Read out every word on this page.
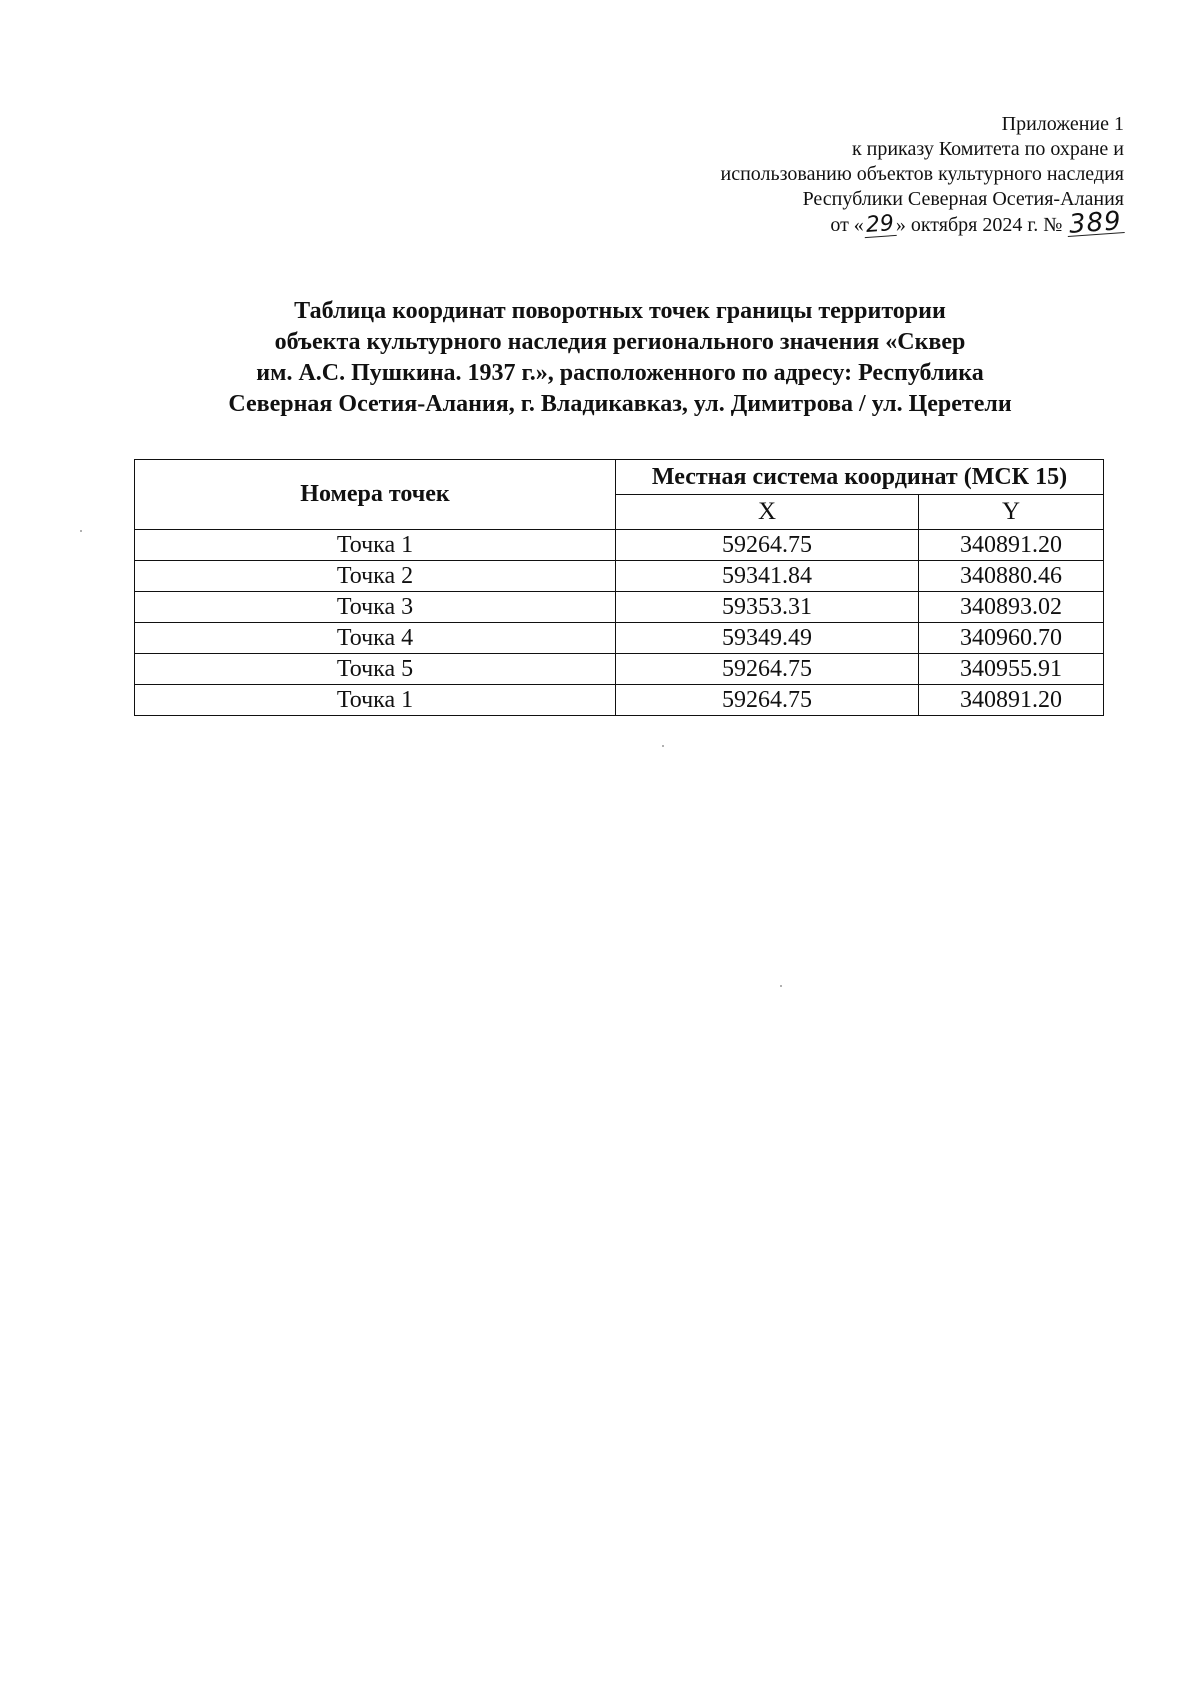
Приложение 1
к приказу Комитета по охране и
использованию объектов культурного наследия
Республики Северная Осетия-Алания
от «29» октября 2024 г. № 389
Таблица координат поворотных точек границы территории
объекта культурного наследия регионального значения «Сквер
им. А.С. Пушкина. 1937 г.», расположенного по адресу: Республика
Северная Осетия-Алания, г. Владикавказ, ул. Димитрова / ул. Церетели
Номера точек	Местная система координат (МСК 15)	
	X	Y
Точка 1	59264.75	340891.20
Точка 2	59341.84	340880.46
Точка 3	59353.31	340893.02
Точка 4	59349.49	340960.70
Точка 5	59264.75	340955.91
Точка 1	59264.75	340891.20
